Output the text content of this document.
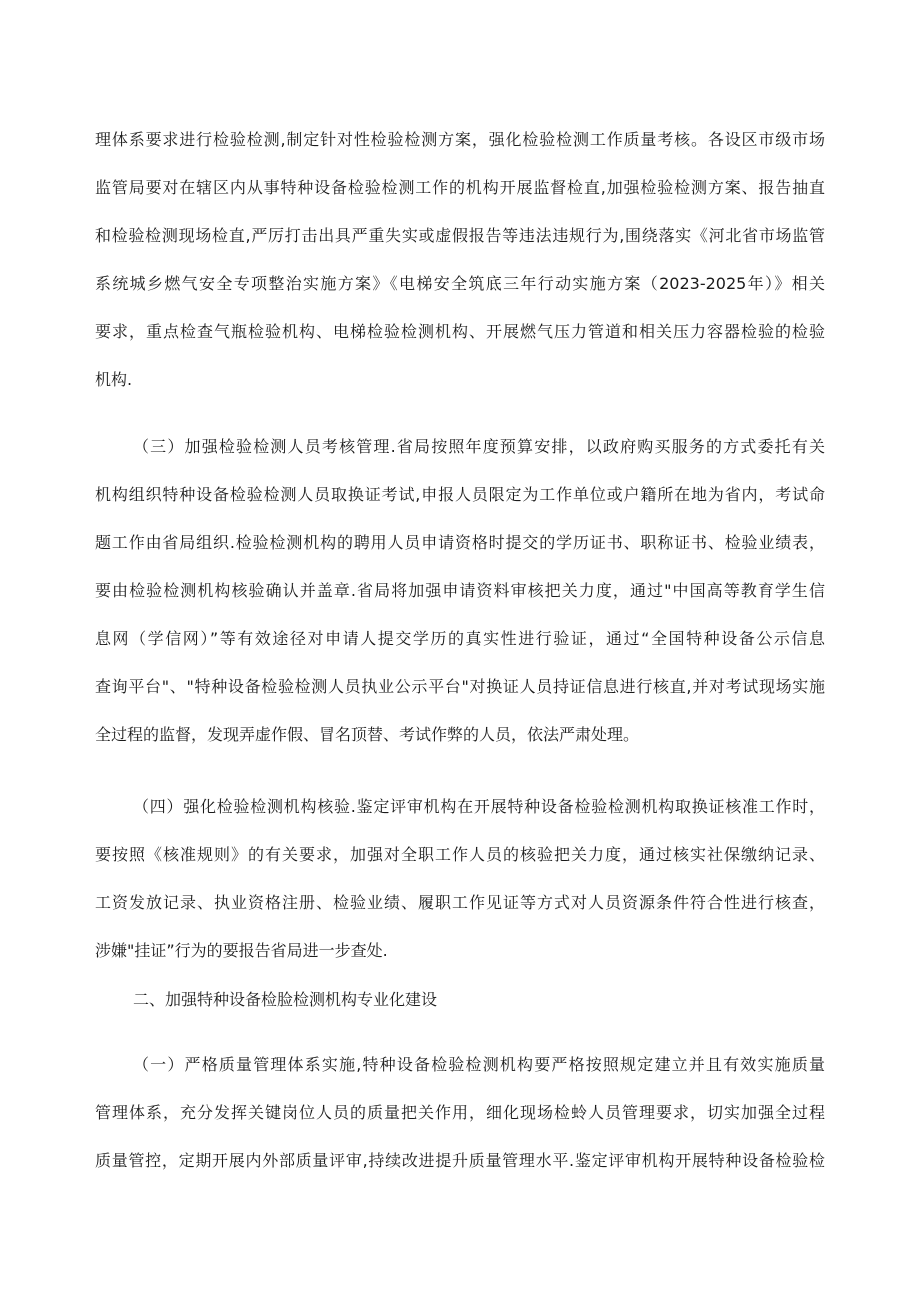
理体系要求进行检验检测,制定针对性检验检测方案，强化检验检测工作质量考核。各设区市级市场
监管局要对在辖区内从事特种设备检验检测工作的机构开展监督检直,加强检验检测方案、报告抽直
和检验检测现场检直,严厉打击出具严重失实或虚假报告等违法违规行为,围绕落实《河北省市场监管
系统城乡燃气安全专项整治实施方案》《电梯安全筑底三年行动实施方案（2023-2025年）》相关
要求，重点检查气瓶检验机构、电梯检验检测机构、开展燃气压力管道和相关压力容器检验的检验
机构.
（三）加强检验检测人员考核管理.省局按照年度预算安排，以政府购买服务的方式委托有关
机构组织特种设备检验检测人员取换证考试,申报人员限定为工作单位或户籍所在地为省内，考试命
题工作由省局组织.检验检测机构的聘用人员申请资格时提交的学历证书、职称证书、检验业绩表，
要由检验检测机构核验确认并盖章.省局将加强申请资料审核把关力度，通过"中国高等教育学生信
息网（学信网）”等有效途径对申请人提交学历的真实性进行验证，通过“全国特种设备公示信息
查询平台"、"特种设备检验检测人员执业公示平台"对换证人员持证信息进行核直,并对考试现场实施
全过程的监督，发现弄虚作假、冒名顶替、考试作弊的人员，依法严肃处理。
（四）强化检验检测机构核验.鉴定评审机构在开展特种设备检验检测机构取换证核准工作时，
要按照《核准规则》的有关要求，加强对全职工作人员的核验把关力度，通过核实社保缴纳记录、
工资发放记录、执业资格注册、检验业绩、履职工作见证等方式对人员资源条件符合性进行核查，
涉嫌"挂证”行为的要报告省局进一步查处.
二、加强特种设备检脸检测机构专业化建设
（一）严格质量管理体系实施,特种设备检验检测机构要严格按照规定建立并且有效实施质量
管理体系，充分发挥关键岗位人员的质量把关作用，细化现场检蛉人员管理要求，切实加强全过程
质量管控，定期开展内外部质量评审,持续改进提升质量管理水平.鉴定评审机构开展特种设备检验检
